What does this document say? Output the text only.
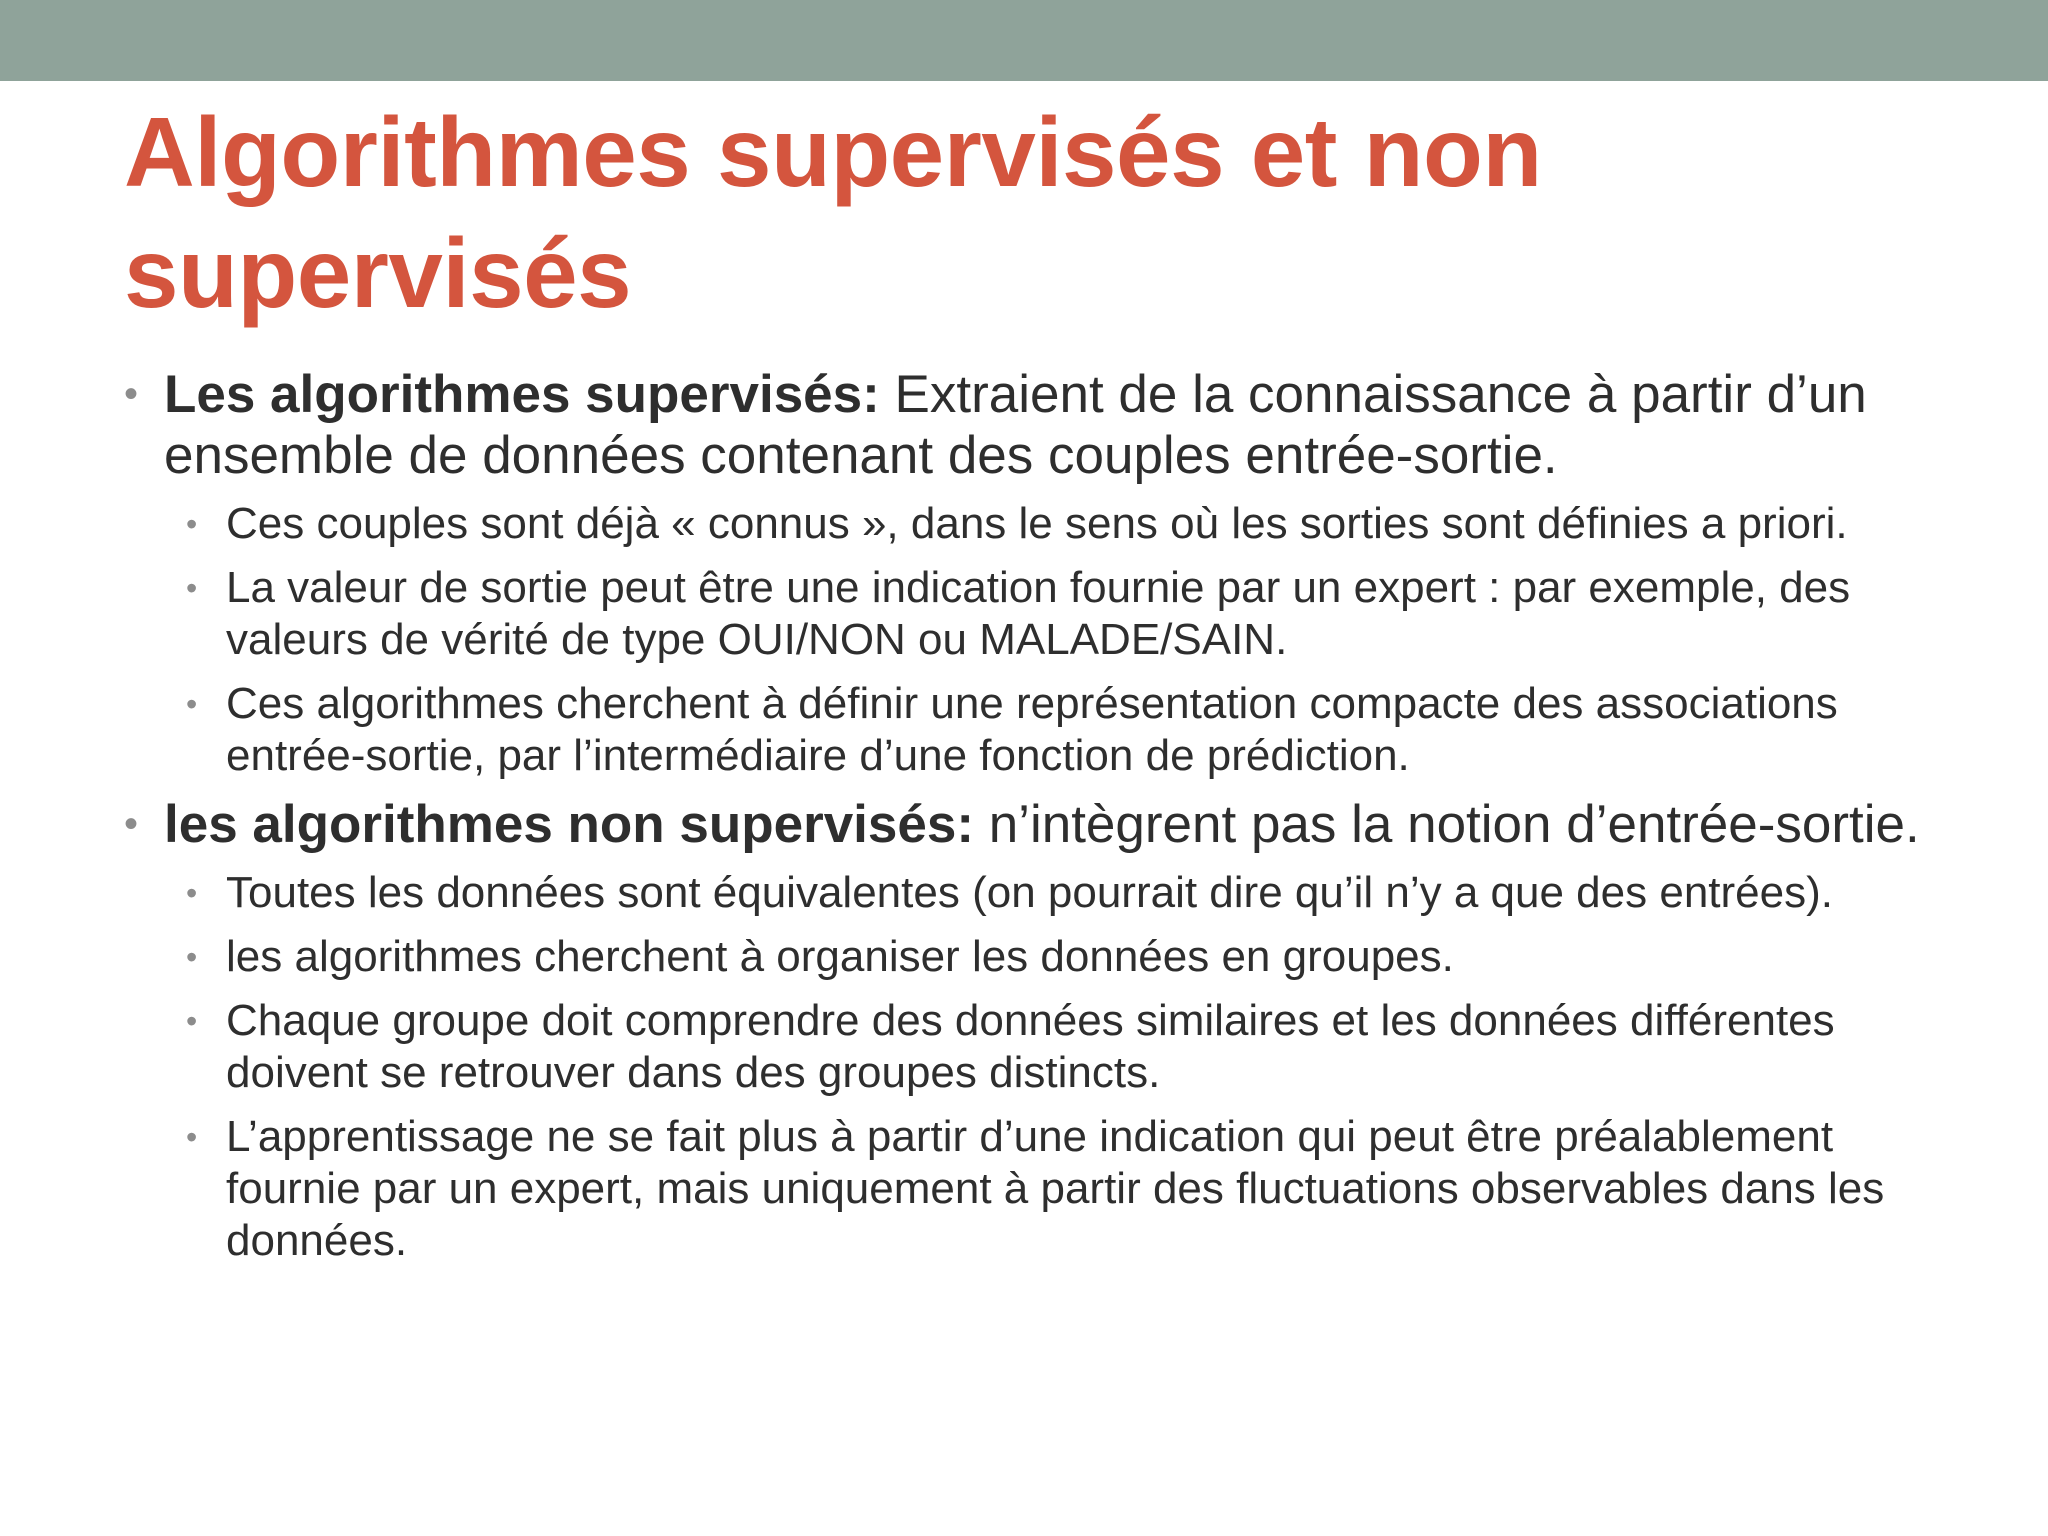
Algorithmes supervisés et non
supervisés
• Les algorithmes supervisés: Extraient de la connaissance à partir d’un ensemble de données contenant des couples entrée-sortie.
• Ces couples sont déjà « connus », dans le sens où les sorties sont définies a priori.
• La valeur de sortie peut être une indication fournie par un expert : par exemple, des valeurs de vérité de type OUI/NON ou MALADE/SAIN.
• Ces algorithmes cherchent à définir une représentation compacte des associations entrée-sortie, par l’intermédiaire d’une fonction de prédiction.
• les algorithmes non supervisés: n’intègrent pas la notion d’entrée-sortie.
• Toutes les données sont équivalentes (on pourrait dire qu’il n’y a que des entrées).
• les algorithmes cherchent à organiser les données en groupes.
• Chaque groupe doit comprendre des données similaires et les données différentes doivent se retrouver dans des groupes distincts.
• L’apprentissage ne se fait plus à partir d’une indication qui peut être préalablement fournie par un expert, mais uniquement à partir des fluctuations observables dans les données.
